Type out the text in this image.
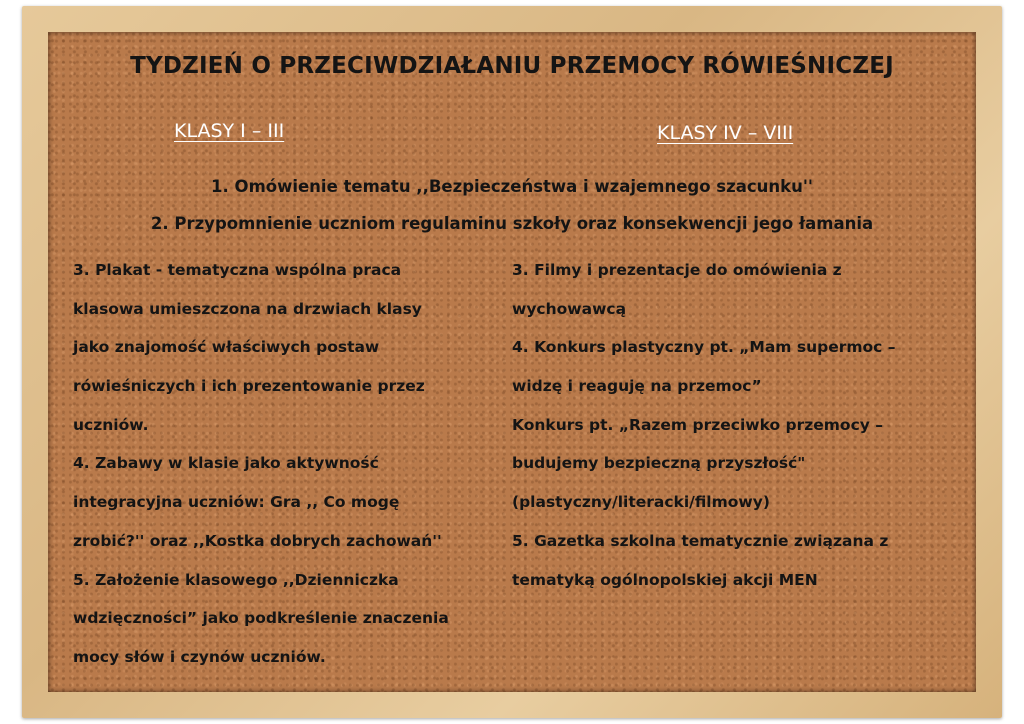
TYDZIEŃ O PRZECIWDZIAŁANIU PRZEMOCY RÓWIEŚNICZEJ
KLASY I – III	KLASY IV – VIII

1. Omówienie tematu ,,Bezpieczeństwa i wzajemnego szacunku''

2. Przypomnienie uczniom regulaminu szkoły oraz konsekwencji jego łamania

3. Plakat - tematyczna wspólna praca
klasowa umieszczona na drzwiach klasy
jako znajomość właściwych postaw
rówieśniczych i ich prezentowanie przez
uczniów.
4. Zabawy w klasie jako aktywność
integracyjna uczniów: Gra ,, Co mogę
zrobić?'' oraz ,,Kostka dobrych zachowań''
5. Założenie klasowego ,,Dzienniczka
wdzięczności” jako podkreślenie znaczenia
mocy słów i czynów uczniów.
3. Filmy i prezentacje do omówienia z
wychowawcą
4. Konkurs plastyczny pt. „Mam supermoc –
widzę i reaguję na przemoc”
Konkurs pt. „Razem przeciwko przemocy –
budujemy bezpieczną przyszłość"
(plastyczny/literacki/filmowy)
5. Gazetka szkolna tematycznie związana z
tematyką ogólnopolskiej akcji MEN
